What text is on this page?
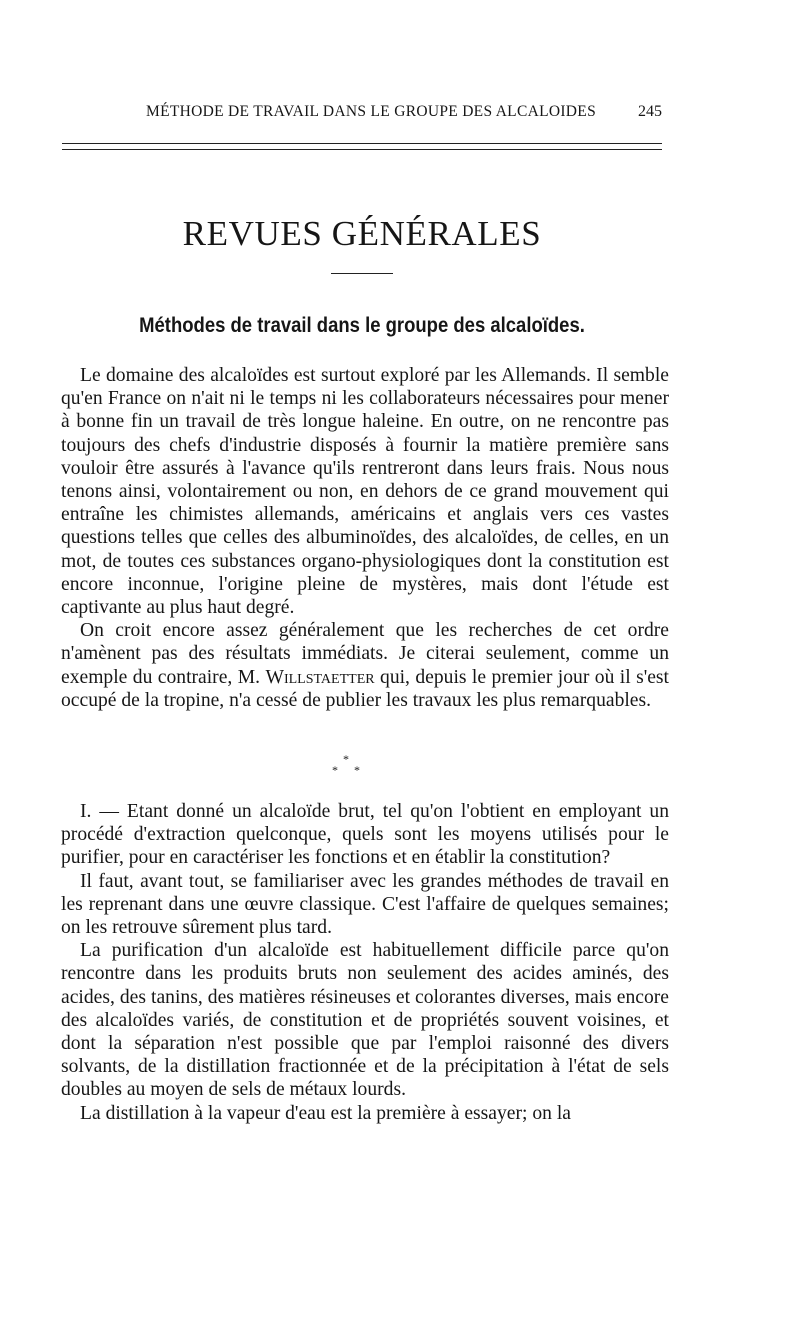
MÉTHODE DE TRAVAIL DANS LE GROUPE DES ALCALOIDES	245
REVUES GÉNÉRALES
Méthodes de travail dans le groupe des alcaloïdes.

Le domaine des alcaloïdes est surtout exploré par les Allemands. Il semble qu'en France on n'ait ni le temps ni les collaborateurs nécessaires pour mener à bonne fin un travail de très longue haleine. En outre, on ne rencontre pas toujours des chefs d'industrie disposés à fournir la matière première sans vouloir être assurés à l'avance qu'ils rentreront dans leurs frais. Nous nous tenons ainsi, volontairement ou non, en dehors de ce grand mouvement qui entraîne les chimistes allemands, américains et anglais vers ces vastes questions telles que celles des albuminoïdes, des alcaloïdes, de celles, en un mot, de toutes ces substances organo-physiologiques dont la constitution est encore inconnue, l'origine pleine de mystères, mais dont l'étude est captivante au plus haut degré.

On croit encore assez généralement que les recherches de cet ordre n'amènent pas des résultats immédiats. Je citerai seulement, comme un exemple du contraire, M. Willstaetter qui, depuis le premier jour où il s'est occupé de la tropine, n'a cessé de publier les travaux les plus remarquables.

*
* *

I. — Etant donné un alcaloïde brut, tel qu'on l'obtient en employant un procédé d'extraction quelconque, quels sont les moyens utilisés pour le purifier, pour en caractériser les fonctions et en établir la constitution?

Il faut, avant tout, se familiariser avec les grandes méthodes de travail en les reprenant dans une œuvre classique. C'est l'affaire de quelques semaines; on les retrouve sûrement plus tard.

La purification d'un alcaloïde est habituellement difficile parce qu'on rencontre dans les produits bruts non seulement des acides aminés, des acides, des tanins, des matières résineuses et colorantes diverses, mais encore des alcaloïdes variés, de constitution et de propriétés souvent voisines, et dont la séparation n'est possible que par l'emploi raisonné des divers solvants, de la distillation fractionnée et de la précipitation à l'état de sels doubles au moyen de sels de métaux lourds.

La distillation à la vapeur d'eau est la première à essayer; on la
